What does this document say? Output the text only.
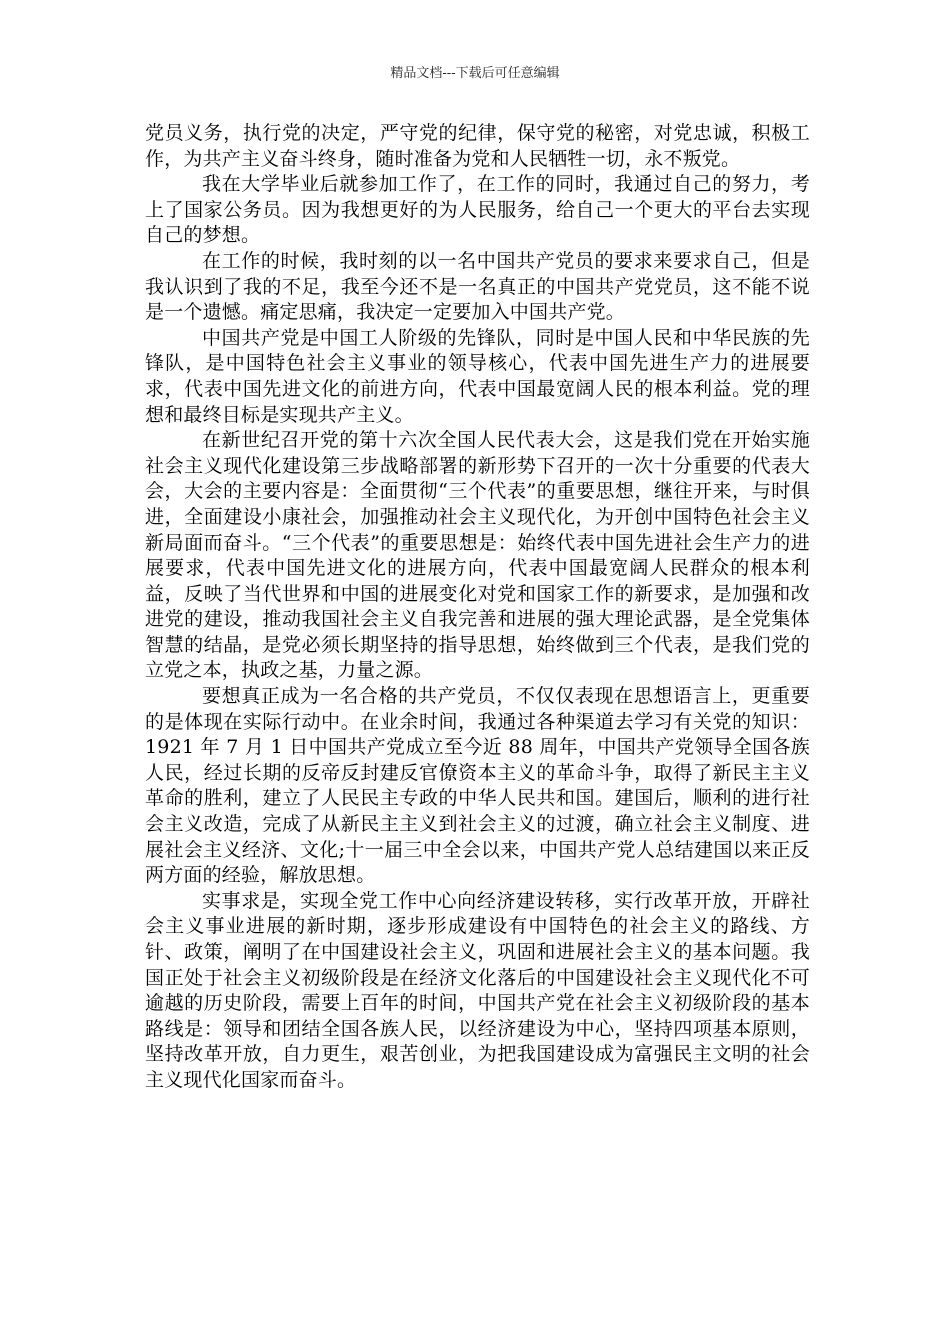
精品文档---下载后可任意编辑

党员义务，执行党的决定，严守党的纪律，保守党的秘密，对党忠诚，积极工作，为共产主义奋斗终身，随时准备为党和人民牺牲一切，永不叛党。

我在大学毕业后就参加工作了，在工作的同时，我通过自己的努力，考上了国家公务员。因为我想更好的为人民服务，给自己一个更大的平台去实现自己的梦想。

在工作的时候，我时刻的以一名中国共产党员的要求来要求自己，但是我认识到了我的不足，我至今还不是一名真正的中国共产党党员，这不能不说是一个遗憾。痛定思痛，我决定一定要加入中国共产党。

中国共产党是中国工人阶级的先锋队，同时是中国人民和中华民族的先锋队，是中国特色社会主义事业的领导核心，代表中国先进生产力的进展要求，代表中国先进文化的前进方向，代表中国最宽阔人民的根本利益。党的理想和最终目标是实现共产主义。

在新世纪召开党的第十六次全国人民代表大会，这是我们党在开始实施社会主义现代化建设第三步战略部署的新形势下召开的一次十分重要的代表大会，大会的主要内容是：全面贯彻“三个代表”的重要思想，继往开来，与时俱进，全面建设小康社会，加强推动社会主义现代化，为开创中国特色社会主义新局面而奋斗。“三个代表”的重要思想是：始终代表中国先进社会生产力的进展要求，代表中国先进文化的进展方向，代表中国最宽阔人民群众的根本利益，反映了当代世界和中国的进展变化对党和国家工作的新要求，是加强和改进党的建设，推动我国社会主义自我完善和进展的强大理论武器，是全党集体智慧的结晶，是党必须长期坚持的指导思想，始终做到三个代表，是我们党的立党之本，执政之基，力量之源。

要想真正成为一名合格的共产党员，不仅仅表现在思想语言上，更重要的是体现在实际行动中。在业余时间，我通过各种渠道去学习有关党的知识：1921 年 7 月 1 日中国共产党成立至今近 88 周年，中国共产党领导全国各族人民，经过长期的反帝反封建反官僚资本主义的革命斗争，取得了新民主主义革命的胜利，建立了人民民主专政的中华人民共和国。建国后，顺利的进行社会主义改造，完成了从新民主主义到社会主义的过渡，确立社会主义制度、进展社会主义经济、文化;十一届三中全会以来，中国共产党人总结建国以来正反两方面的经验，解放思想。

实事求是，实现全党工作中心向经济建设转移，实行改革开放，开辟社会主义事业进展的新时期，逐步形成建设有中国特色的社会主义的路线、方针、政策，阐明了在中国建设社会主义，巩固和进展社会主义的基本问题。我国正处于社会主义初级阶段是在经济文化落后的中国建设社会主义现代化不可逾越的历史阶段，需要上百年的时间，中国共产党在社会主义初级阶段的基本路线是：领导和团结全国各族人民，以经济建设为中心，坚持四项基本原则，坚持改革开放，自力更生，艰苦创业，为把我国建设成为富强民主文明的社会主义现代化国家而奋斗。
